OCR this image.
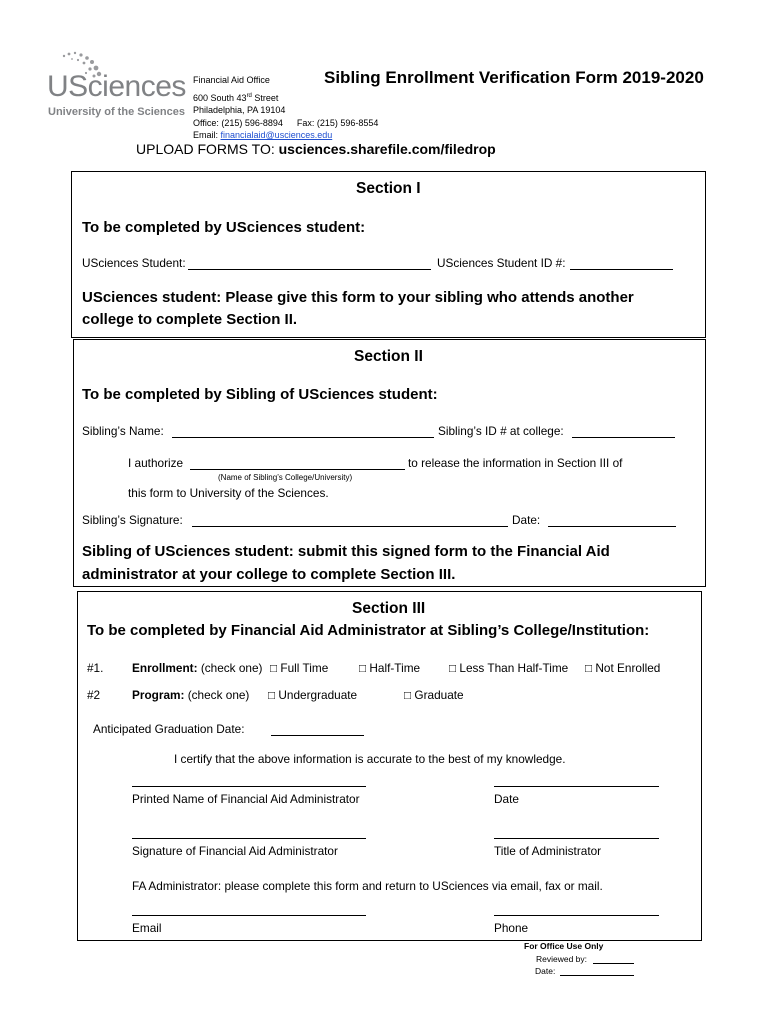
USciences
University of the Sciences
Financial Aid Office
600 South 43rd Street
Philadelphia, PA 19104
Office: (215) 596-8894 Fax: (215) 596-8554
Email: financialaid@usciences.edu
Sibling Enrollment Verification Form 2019-2020
UPLOAD FORMS TO: usciences.sharefile.com/filedrop
Section I
To be completed by USciences student:
USciences Student:	USciences Student ID #:
USciences student: Please give this form to your sibling who attends another
college to complete Section II.
Section II
To be completed by Sibling of USciences student:
Sibling’s Name:	Sibling’s ID # at college:
I authorize	to release the information in Section III of
(Name of Sibling’s College/University)
this form to University of the Sciences.
Sibling’s Signature:	Date:
Sibling of USciences student: submit this signed form to the Financial Aid
administrator at your college to complete Section III.
Section III
To be completed by Financial Aid Administrator at Sibling’s College/Institution:
#1. Enrollment: (check one) □ Full Time	□ Half-Time □ Less Than Half-Time □ Not Enrolled
#2	Program: (check one) □ Undergraduate	□ Graduate
Anticipated Graduation Date:
I certify that the above information is accurate to the best of my knowledge.
Printed Name of Financial Aid Administrator	Date
Signature of Financial Aid Administrator	Title of Administrator
FA Administrator: please complete this form and return to USciences via email, fax or mail.
Email	Phone
For Office Use Only
Reviewed by:
Date:
